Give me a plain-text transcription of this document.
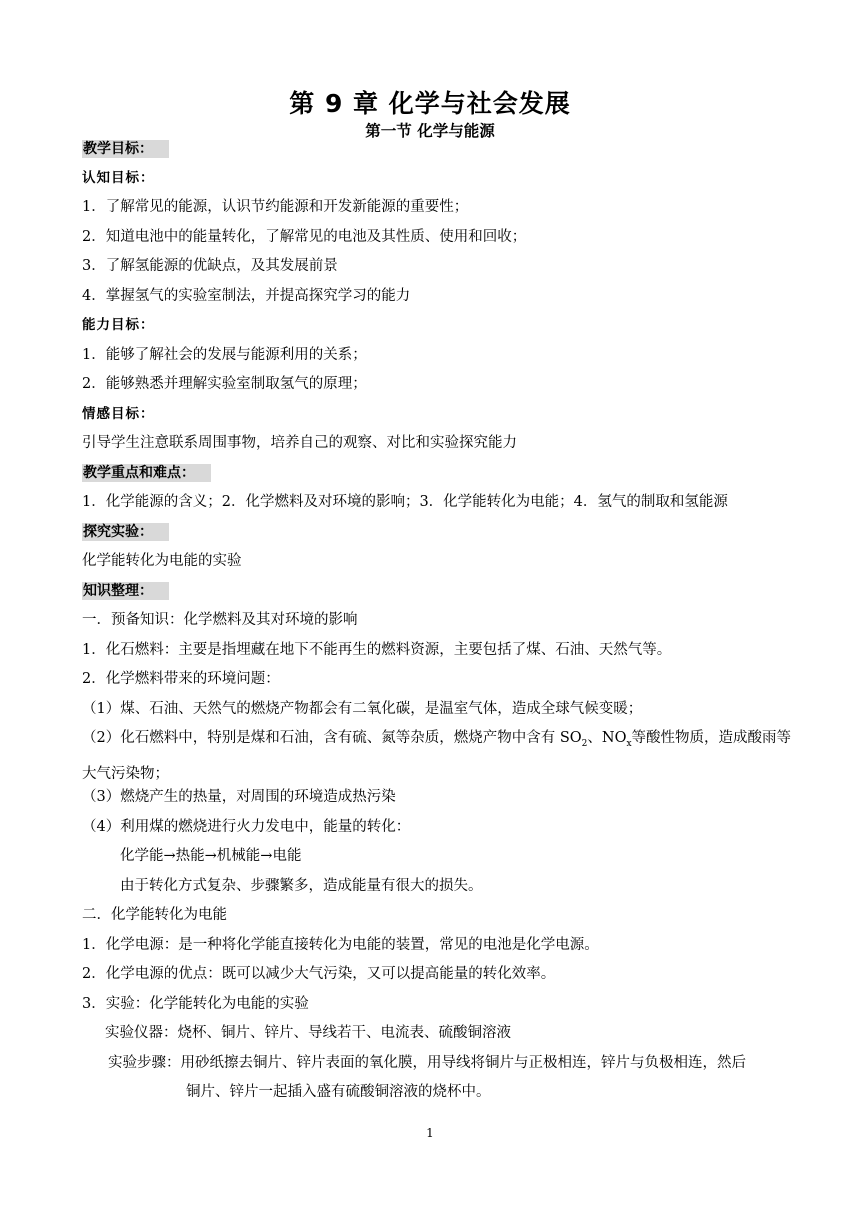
第 9 章 化学与社会发展
第一节 化学与能源
教学目标：
认知目标：
1．了解常见的能源，认识节约能源和开发新能源的重要性；
2．知道电池中的能量转化，了解常见的电池及其性质、使用和回收；
3．了解氢能源的优缺点，及其发展前景
4．掌握氢气的实验室制法，并提高探究学习的能力
能力目标：
1．能够了解社会的发展与能源利用的关系；
2．能够熟悉并理解实验室制取氢气的原理；
情感目标：
引导学生注意联系周围事物，培养自己的观察、对比和实验探究能力
教学重点和难点：
1．化学能源的含义；2．化学燃料及对环境的影响；3．化学能转化为电能；4．氢气的制取和氢能源
探究实验：
化学能转化为电能的实验
知识整理：
一．预备知识：化学燃料及其对环境的影响
1．化石燃料：主要是指埋藏在地下不能再生的燃料资源，主要包括了煤、石油、天然气等。
2．化学燃料带来的环境问题：
（1）煤、石油、天然气的燃烧产物都会有二氧化碳，是温室气体，造成全球气候变暖；
（2）化石燃料中，特别是煤和石油，含有硫、氮等杂质，燃烧产物中含有 $SO_2$、$NO_x$等酸性物质，造成酸雨等大气污染物；
（3）燃烧产生的热量，对周围的环境造成热污染
（4）利用煤的燃烧进行火力发电中，能量的转化：
化学能→热能→机械能→电能
由于转化方式复杂、步骤繁多，造成能量有很大的损失。
二．化学能转化为电能
1．化学电源：是一种将化学能直接转化为电能的装置，常见的电池是化学电源。
2．化学电源的优点：既可以减少大气污染，又可以提高能量的转化效率。
3．实验：化学能转化为电能的实验
实验仪器：烧杯、铜片、锌片、导线若干、电流表、硫酸铜溶液
实验步骤：用砂纸擦去铜片、锌片表面的氧化膜，用导线将铜片与正极相连，锌片与负极相连，然后
铜片、锌片一起插入盛有硫酸铜溶液的烧杯中。
1
